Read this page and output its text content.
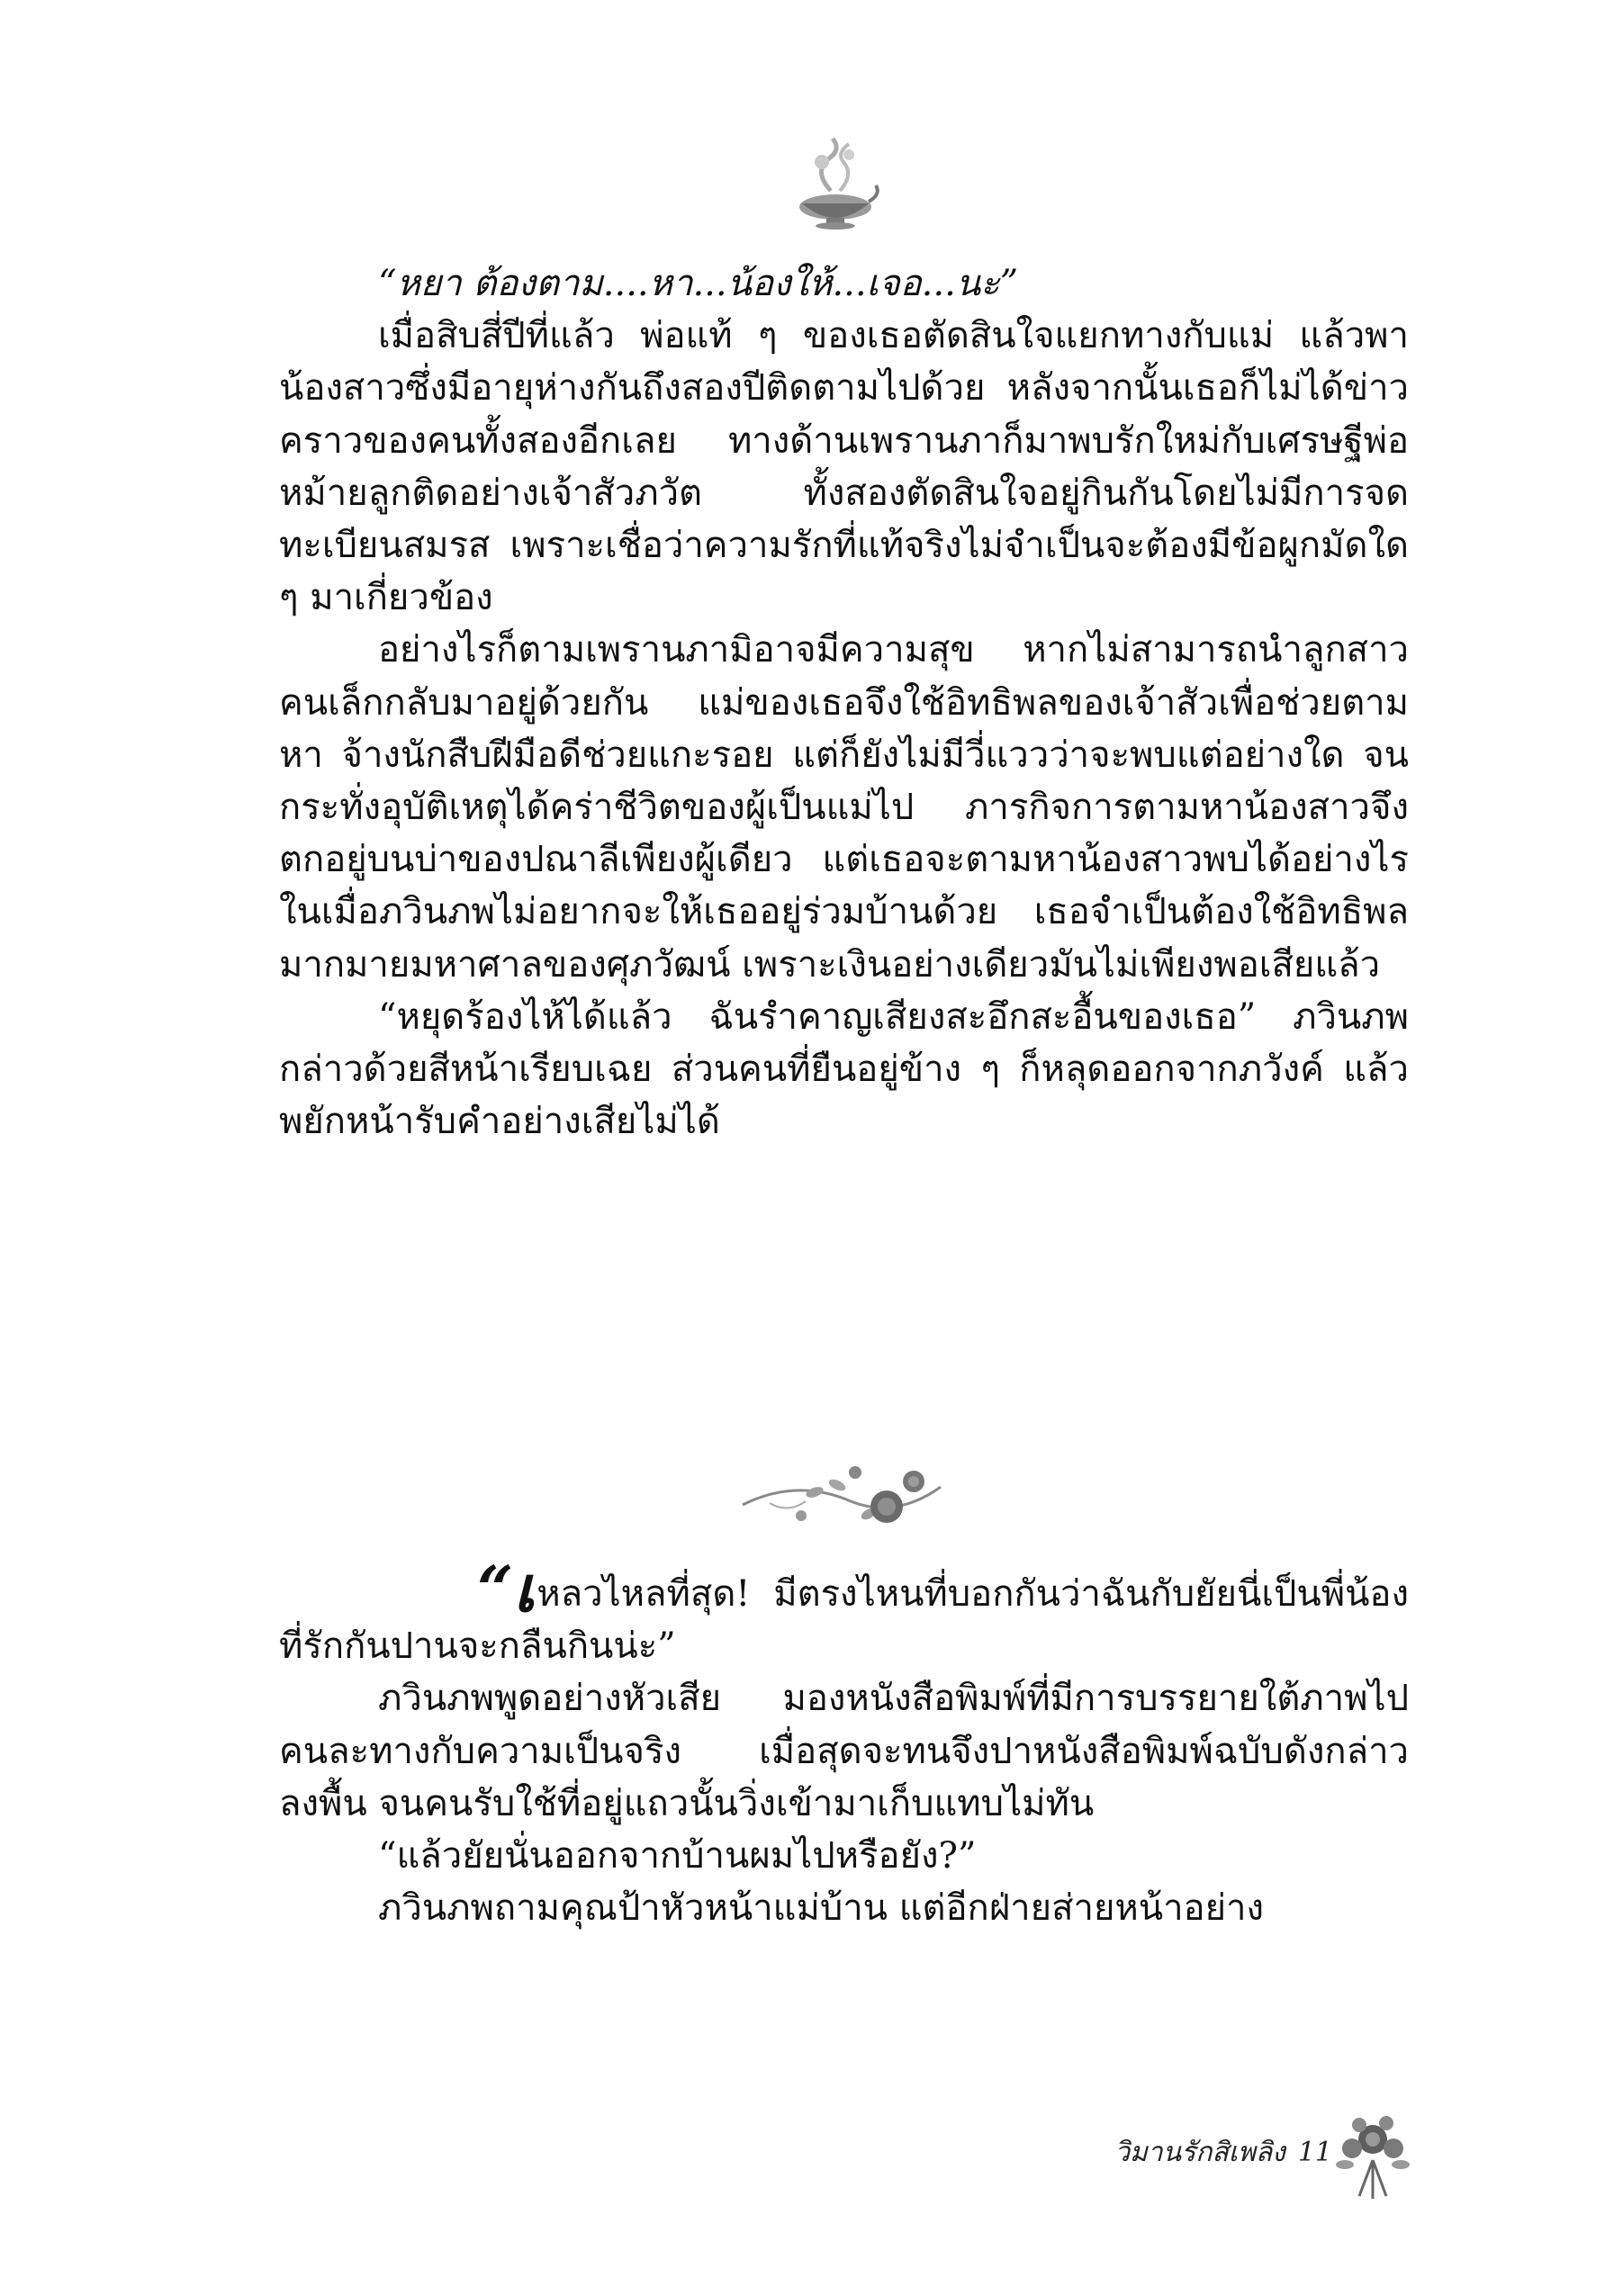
“หยา ต้องตาม....หา...น้องให้...เจอ...นะ”

เมื่อสิบสี่ปีที่แล้ว พ่อแท้ ๆ ของเธอตัดสินใจแยกทางกับแม่ แล้วพาน้องสาวซึ่งมีอายุห่างกันถึงสองปีติดตามไปด้วย หลังจากนั้นเธอก็ไม่ได้ข่าวคราวของคนทั้งสองอีกเลย ทางด้านเพรานภาก็มาพบรักใหม่กับเศรษฐีพ่อหม้ายลูกติดอย่างเจ้าสัวภวัต ทั้งสองตัดสินใจอยู่กินกันโดยไม่มีการจดทะเบียนสมรส เพราะเชื่อว่าความรักที่แท้จริงไม่จำเป็นจะต้องมีข้อผูกมัดใด ๆ มาเกี่ยวข้อง

อย่างไรก็ตามเพรานภามิอาจมีความสุข หากไม่สามารถนำลูกสาวคนเล็กกลับมาอยู่ด้วยกัน แม่ของเธอจึงใช้อิทธิพลของเจ้าสัวเพื่อช่วยตามหา จ้างนักสืบฝีมือดีช่วยแกะรอย แต่ก็ยังไม่มีวี่แววว่าจะพบแต่อย่างใด จนกระทั่งอุบัติเหตุได้คร่าชีวิตของผู้เป็นแม่ไป ภารกิจการตามหาน้องสาวจึงตกอยู่บนบ่าของปณาลีเพียงผู้เดียว แต่เธอจะตามหาน้องสาวพบได้อย่างไรในเมื่อภวินภพไม่อยากจะให้เธออยู่ร่วมบ้านด้วย เธอจำเป็นต้องใช้อิทธิพลมากมายมหาศาลของศุภวัฒน์ เพราะเงินอย่างเดียวมันไม่เพียงพอเสียแล้ว

“หยุดร้องไห้ได้แล้ว ฉันรำคาญเสียงสะอึกสะอื้นของเธอ” ภวินภพกล่าวด้วยสีหน้าเรียบเฉย ส่วนคนที่ยืนอยู่ข้าง ๆ ก็หลุดออกจากภวังค์ แล้วพยักหน้ารับคำอย่างเสียไม่ได้

“เหลวไหลที่สุด! มีตรงไหนที่บอกกันว่าฉันกับยัยนี่เป็นพี่น้องที่รักกันปานจะกลืนกินน่ะ”

ภวินภพพูดอย่างหัวเสีย มองหนังสือพิมพ์ที่มีการบรรยายใต้ภาพไปคนละทางกับความเป็นจริง เมื่อสุดจะทนจึงปาหนังสือพิมพ์ฉบับดังกล่าวลงพื้น จนคนรับใช้ที่อยู่แถวนั้นวิ่งเข้ามาเก็บแทบไม่ทัน

“แล้วยัยนั่นออกจากบ้านผมไปหรือยัง?”

ภวินภพถามคุณป้าหัวหน้าแม่บ้าน แต่อีกฝ่ายส่ายหน้าอย่าง

วิมานรักสิเพลิง 11
